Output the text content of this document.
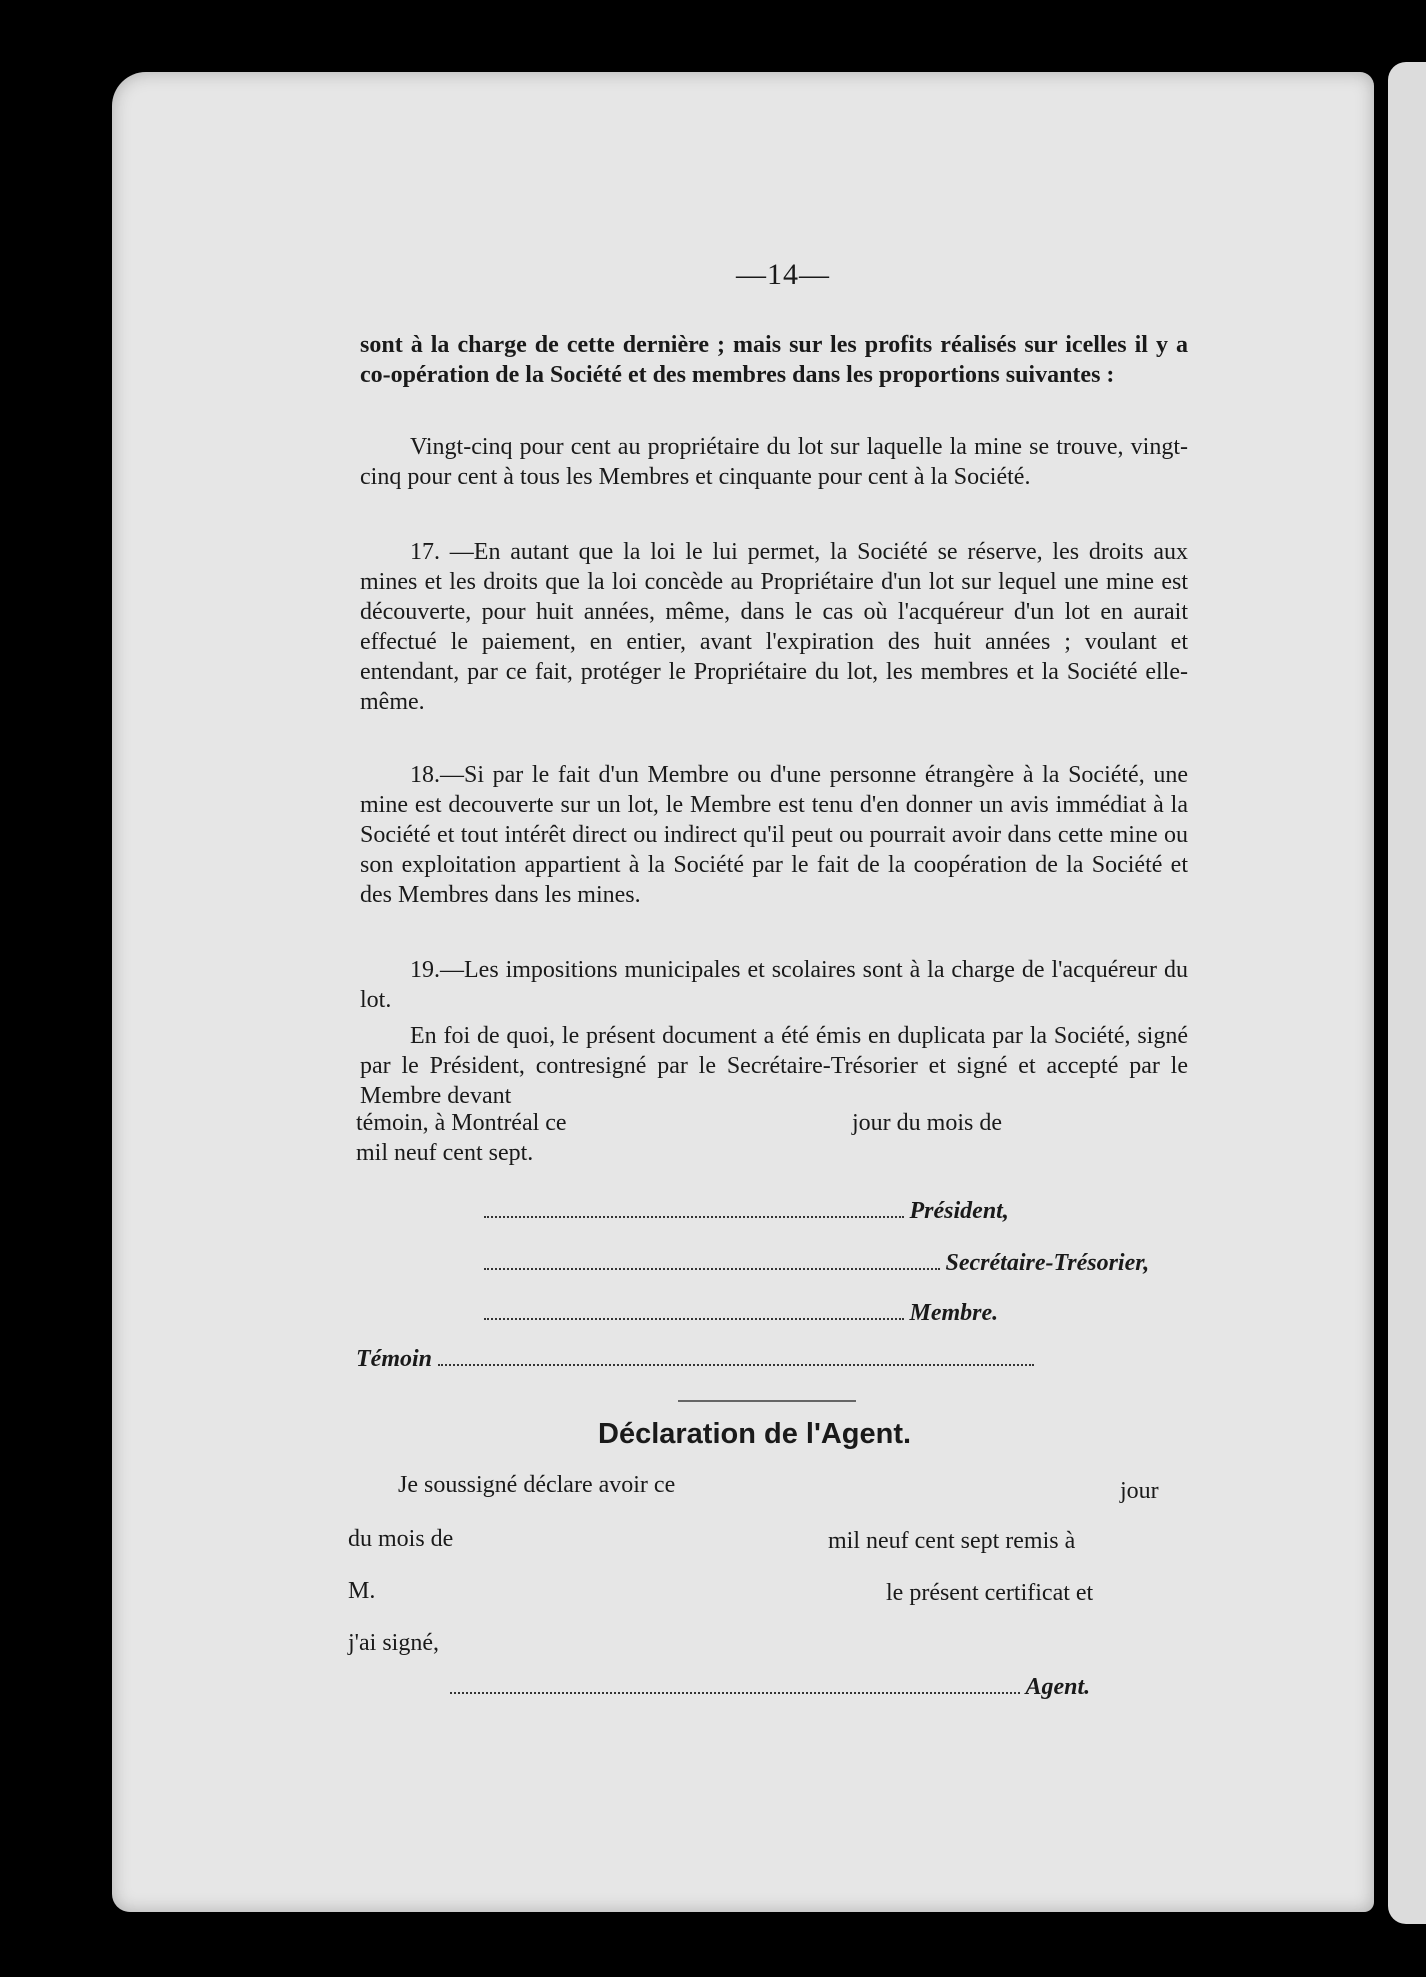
—14—

sont à la charge de cette dernière ; mais sur les profits réalisés sur icelles il y a co-opération de la Société et des membres dans les proportions suivantes :

Vingt-cinq pour cent au propriétaire du lot sur laquelle la mine se trouve, vingt-cinq pour cent à tous les Membres et cinquante pour cent à la Société.

17. —En autant que la loi le lui permet, la Société se réserve, les droits aux mines et les droits que la loi concède au Propriétaire d'un lot sur lequel une mine est découverte, pour huit années, même, dans le cas où l'acquéreur d'un lot en aurait effectué le paiement, en entier, avant l'expiration des huit années ; voulant et entendant, par ce fait, protéger le Propriétaire du lot, les membres et la Société elle-même.

18.—Si par le fait d'un Membre ou d'une personne étrangère à la Société, une mine est decouverte sur un lot, le Membre est tenu d'en donner un avis immédiat à la Société et tout intérêt direct ou indirect qu'il peut ou pourrait avoir dans cette mine ou son exploitation appartient à la Société par le fait de la coopération de la Société et des Membres dans les mines.

19.—Les impositions municipales et scolaires sont à la charge de l'acquéreur du lot.

En foi de quoi, le présent document a été émis en duplicata par la Société, signé par le Président, contresigné par le Secrétaire-Trésorier et signé et accepté par le Membre devant

témoin, à Montréal ce	jour du mois de
mil neuf cent sept.
Président,
Secrétaire-Trésorier,
Membre.
Témoin
Déclaration de l'Agent.
Je soussigné déclare avoir ce	jour
du mois de	mil neuf cent sept remis à
M.	le présent certificat et
j'ai signé,
Agent.
